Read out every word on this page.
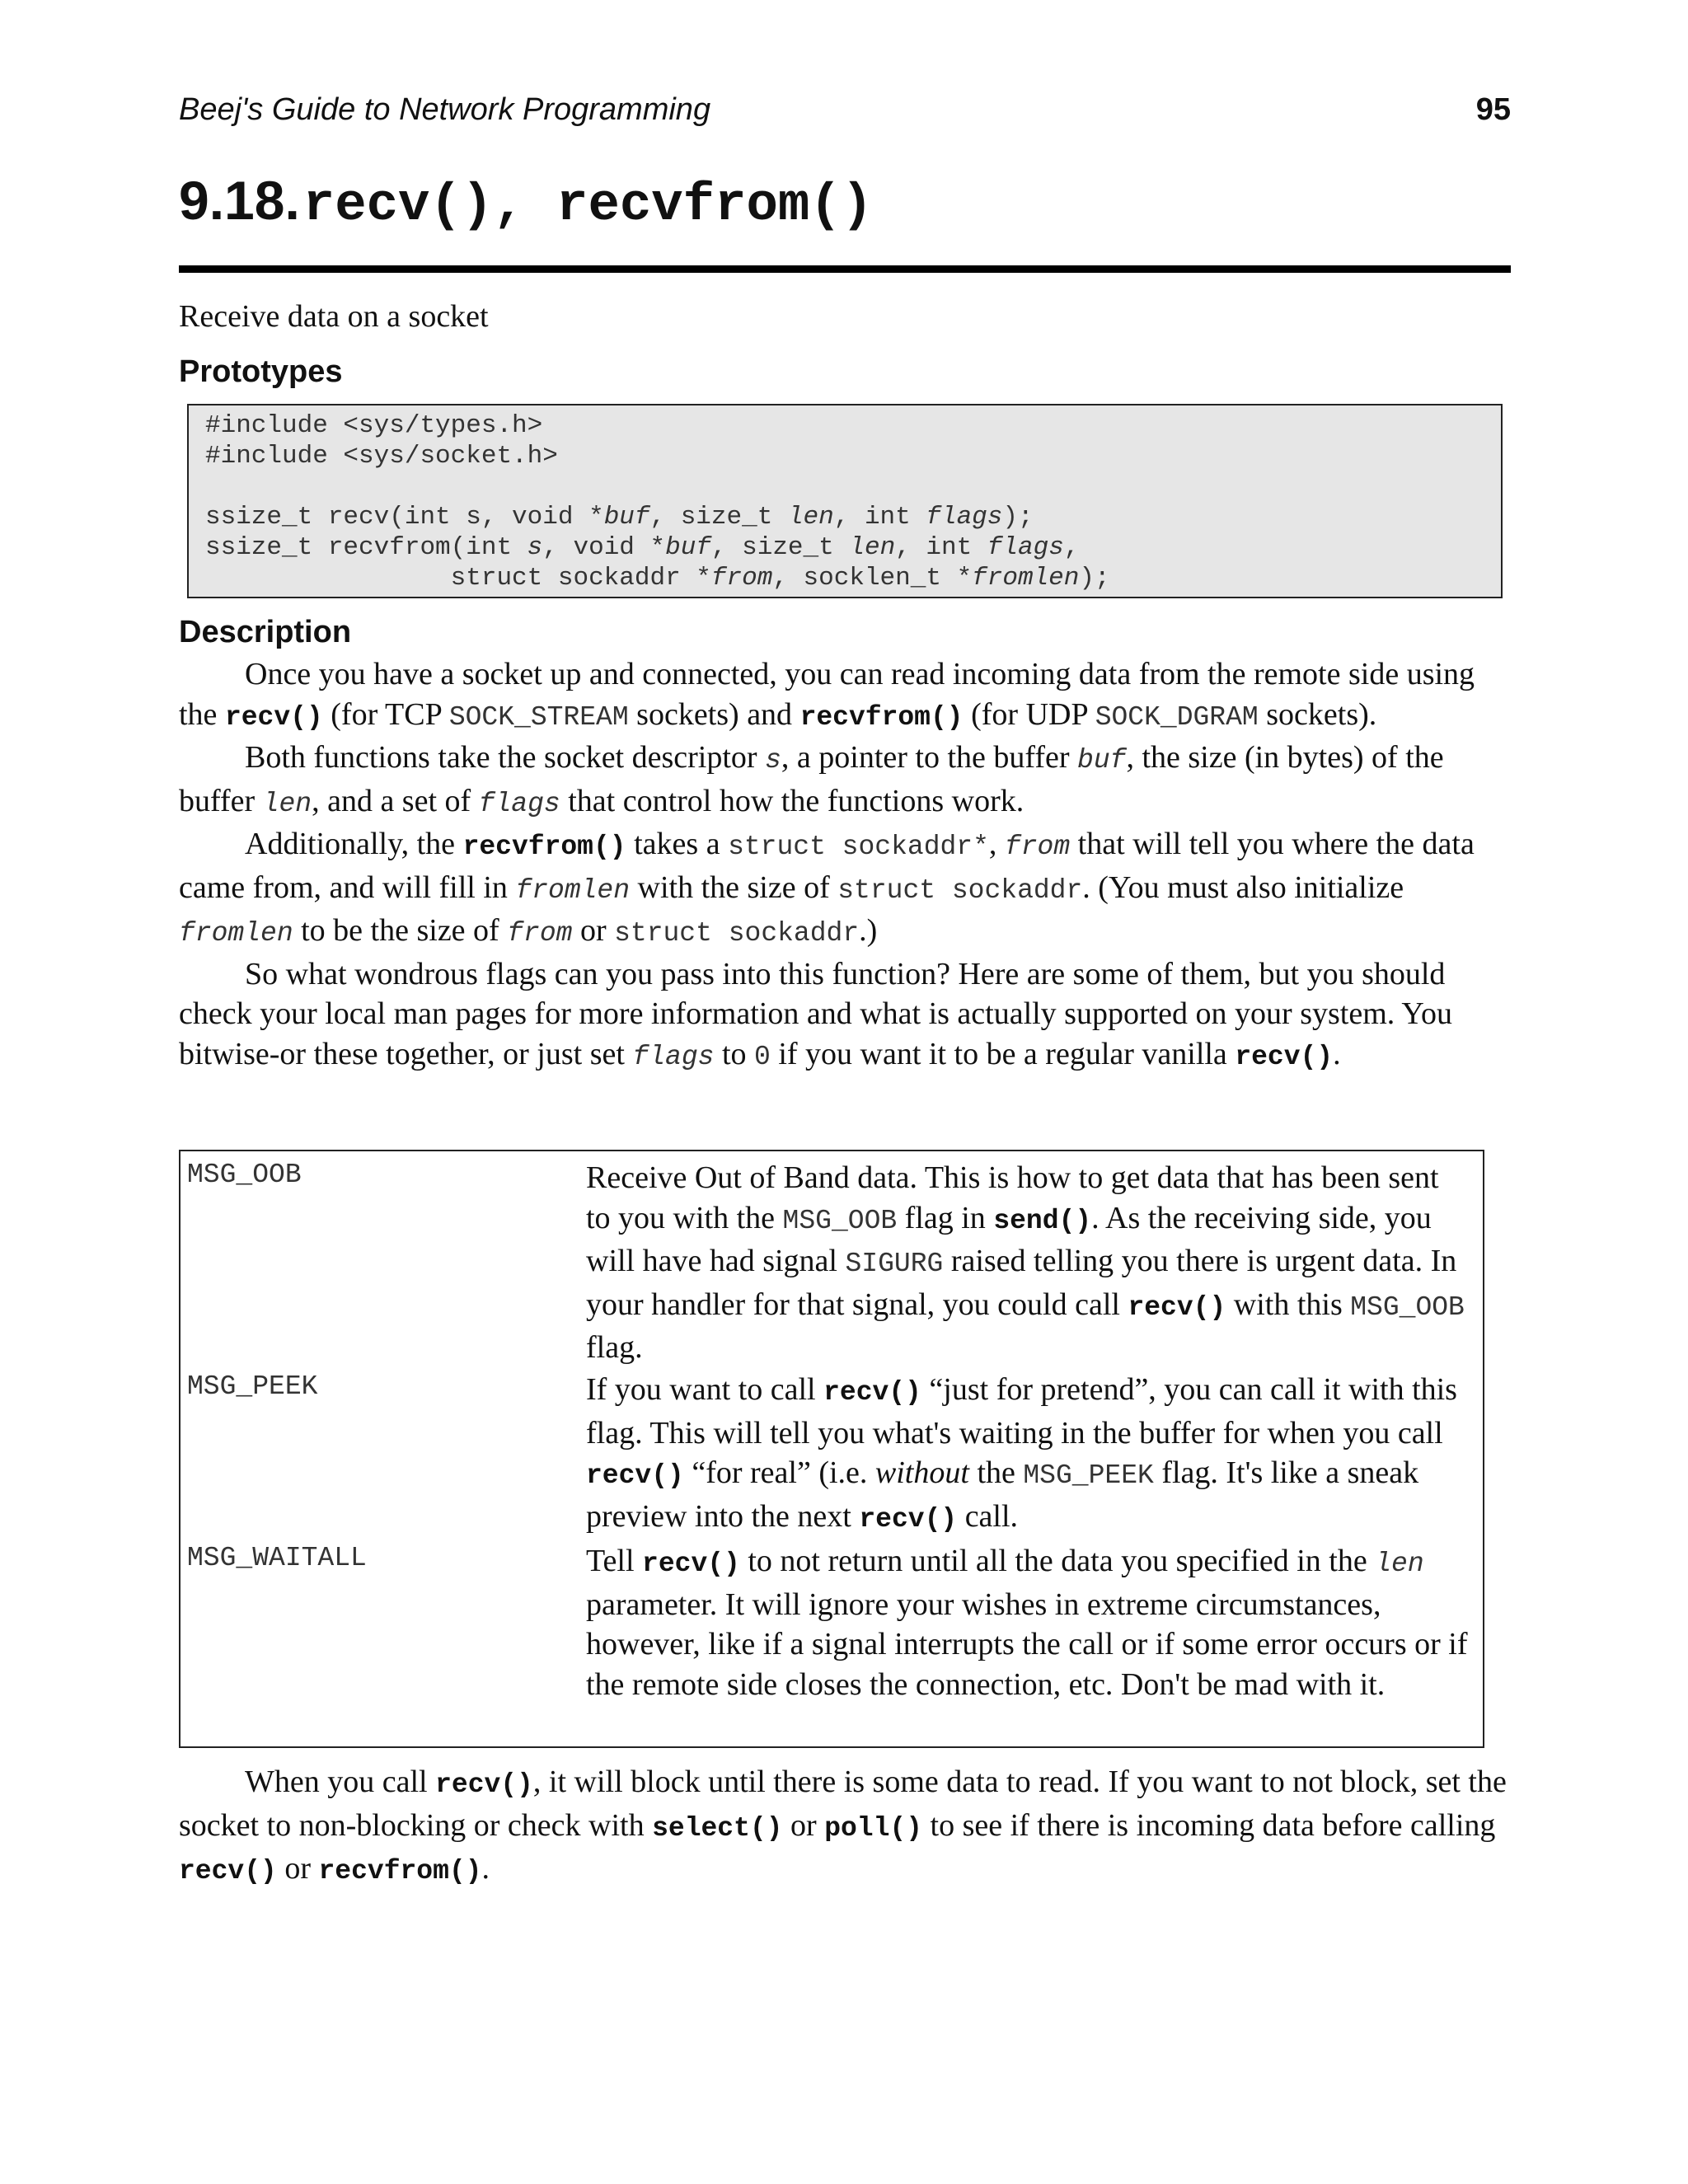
Beej's Guide to Network Programming	95
9.18. recv(), recvfrom()
Receive data on a socket
Prototypes
#include <sys/types.h>
#include <sys/socket.h>

ssize_t recv(int s, void *buf, size_t len, int flags);
ssize_t recvfrom(int s, void *buf, size_t len, int flags,
struct sockaddr *from, socklen_t *fromlen);
Description

Once you have a socket up and connected, you can read incoming data from the remote side using the recv() (for TCP SOCK_STREAM sockets) and recvfrom() (for UDP SOCK_DGRAM sockets).

Both functions take the socket descriptor s, a pointer to the buffer buf, the size (in bytes) of the buffer len, and a set of flags that control how the functions work.

Additionally, the recvfrom() takes a struct sockaddr*, from that will tell you where the data came from, and will fill in fromlen with the size of struct sockaddr. (You must also initialize fromlen to be the size of from or struct sockaddr.)

So what wondrous flags can you pass into this function? Here are some of them, but you should check your local man pages for more information and what is actually supported on your system. You bitwise-or these together, or just set flags to 0 if you want it to be a regular vanilla recv().

MSG_OOB	Receive Out of Band data. This is how to get data that has been sent to you with the MSG_OOB flag in send(). As the receiving side, you will have had signal SIGURG raised telling you there is urgent data. In your handler for that signal, you could call recv() with this MSG_OOB flag.
MSG_PEEK	If you want to call recv() “just for pretend”, you can call it with this flag. This will tell you what's waiting in the buffer for when you call recv() “for real” (i.e. without the MSG_PEEK flag. It's like a sneak preview into the next recv() call.
MSG_WAITALL	Tell recv() to not return until all the data you specified in the len parameter. It will ignore your wishes in extreme circumstances, however, like if a signal interrupts the call or if some error occurs or if the remote side closes the connection, etc. Don't be mad with it.

When you call recv(), it will block until there is some data to read. If you want to not block, set the socket to non-blocking or check with select() or poll() to see if there is incoming data before calling recv() or recvfrom().
